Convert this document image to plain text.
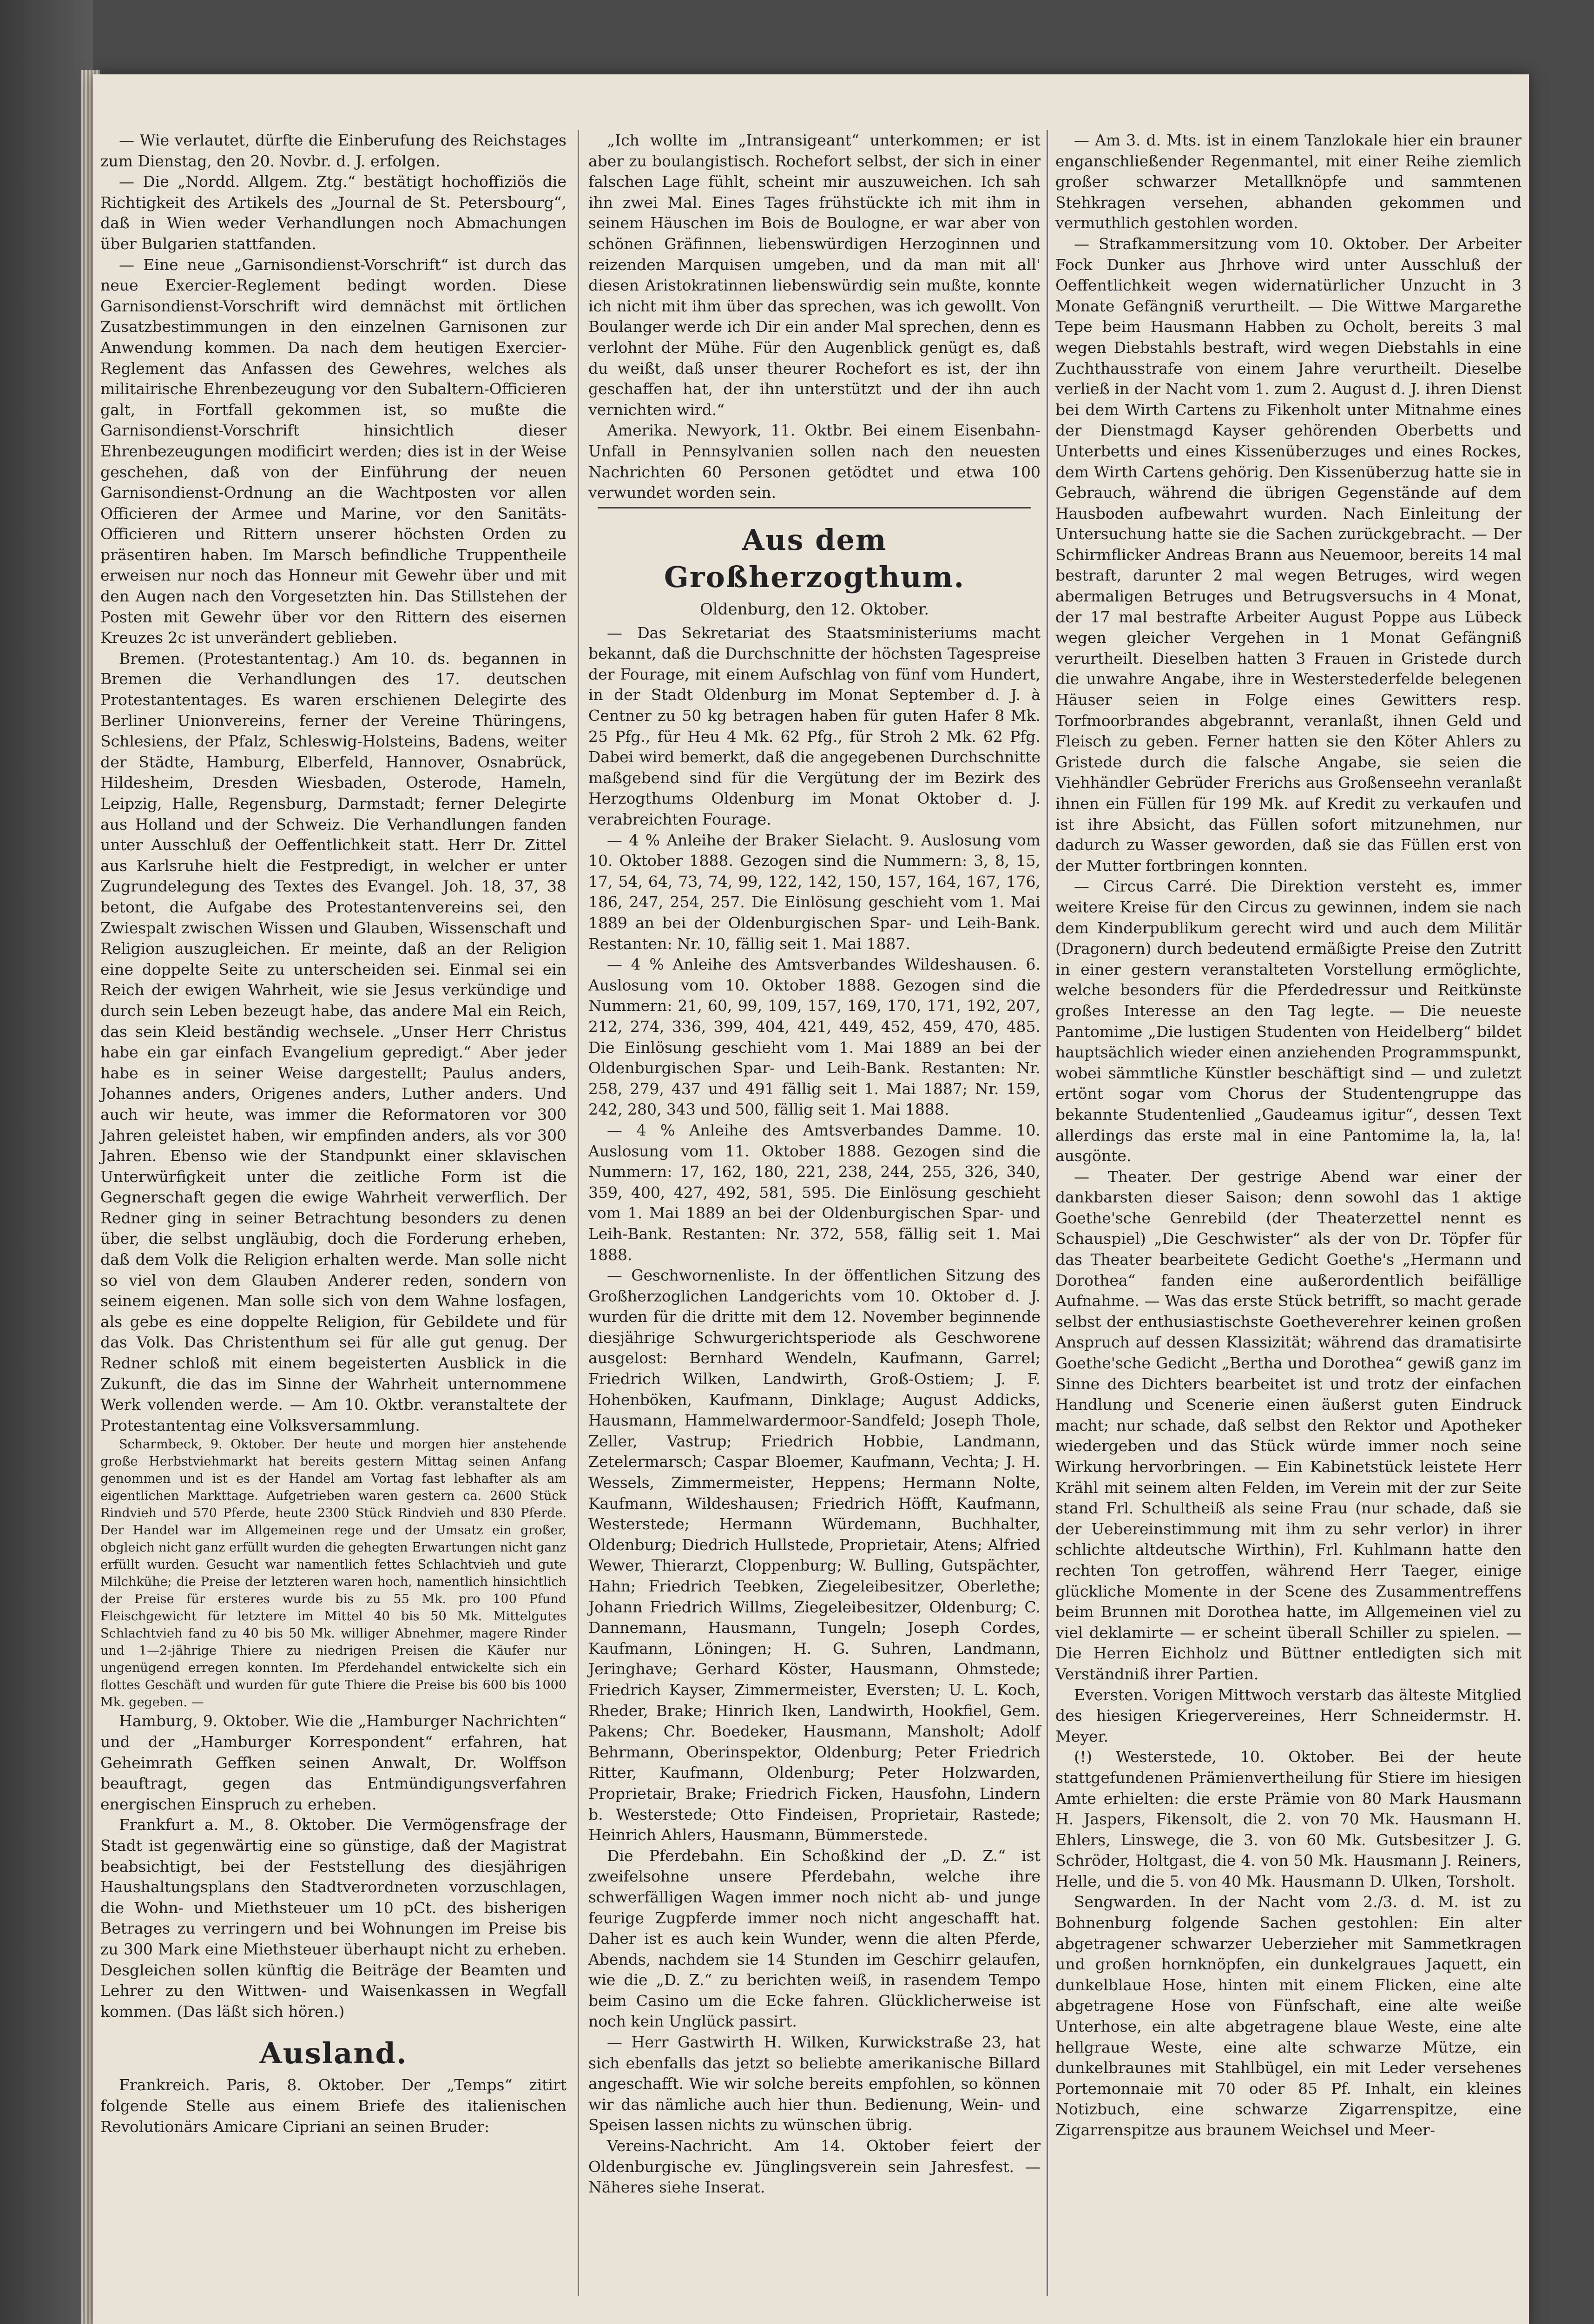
— Wie verlautet, dürfte die Einberufung des Reichstages zum Dienstag, den 20. Novbr. d. J. erfolgen.

— Die „Nordd. Allgem. Ztg.“ bestätigt hochoffiziös die Richtigkeit des Artikels des „Journal de St. Petersbourg“, daß in Wien weder Verhandlungen noch Abmachungen über Bulgarien stattfanden.

— Eine neue „Garnisondienst-Vorschrift“ ist durch das neue Exercier-Reglement bedingt worden. Diese Garnisondienst-Vorschrift wird demnächst mit örtlichen Zusatzbestimmungen in den einzelnen Garnisonen zur Anwendung kommen. Da nach dem heutigen Exercier-Reglement das Anfassen des Gewehres, welches als militairische Ehrenbezeugung vor den Subaltern-Officieren galt, in Fortfall gekommen ist, so mußte die Garnisondienst-Vorschrift hinsichtlich dieser Ehrenbezeugungen modificirt werden; dies ist in der Weise geschehen, daß von der Einführung der neuen Garnisondienst-Ordnung an die Wachtposten vor allen Officieren der Armee und Marine, vor den Sanitäts-Officieren und Rittern unserer höchsten Orden zu präsentiren haben. Im Marsch befindliche Truppentheile erweisen nur noch das Honneur mit Gewehr über und mit den Augen nach den Vorgesetzten hin. Das Stillstehen der Posten mit Gewehr über vor den Rittern des eisernen Kreuzes 2c ist unverändert geblieben.

Bremen. (Protestantentag.) Am 10. ds. begannen in Bremen die Verhandlungen des 17. deutschen Protestantentages. Es waren erschienen Delegirte des Berliner Unionvereins, ferner der Vereine Thüringens, Schlesiens, der Pfalz, Schleswig-Holsteins, Badens, weiter der Städte, Hamburg, Elberfeld, Hannover, Osnabrück, Hildesheim, Dresden Wiesbaden, Osterode, Hameln, Leipzig, Halle, Regensburg, Darmstadt; ferner Delegirte aus Holland und der Schweiz. Die Verhandlungen fanden unter Ausschluß der Oeffentlichkeit statt. Herr Dr. Zittel aus Karlsruhe hielt die Festpredigt, in welcher er unter Zugrundelegung des Textes des Evangel. Joh. 18, 37, 38 betont, die Aufgabe des Protestantenvereins sei, den Zwiespalt zwischen Wissen und Glauben, Wissenschaft und Religion auszugleichen. Er meinte, daß an der Religion eine doppelte Seite zu unterscheiden sei. Einmal sei ein Reich der ewigen Wahrheit, wie sie Jesus verkündige und durch sein Leben bezeugt habe, das andere Mal ein Reich, das sein Kleid beständig wechsele. „Unser Herr Christus habe ein gar einfach Evangelium gepredigt.“ Aber jeder habe es in seiner Weise dargestellt; Paulus anders, Johannes anders, Origenes anders, Luther anders. Und auch wir heute, was immer die Reformatoren vor 300 Jahren geleistet haben, wir empfinden anders, als vor 300 Jahren. Ebenso wie der Standpunkt einer sklavischen Unterwürfigkeit unter die zeitliche Form ist die Gegnerschaft gegen die ewige Wahrheit verwerflich. Der Redner ging in seiner Betrachtung besonders zu denen über, die selbst ungläubig, doch die Forderung erheben, daß dem Volk die Religion erhalten werde. Man solle nicht so viel von dem Glauben Anderer reden, sondern von seinem eigenen. Man solle sich von dem Wahne losfagen, als gebe es eine doppelte Religion, für Gebildete und für das Volk. Das Christenthum sei für alle gut genug. Der Redner schloß mit einem begeisterten Ausblick in die Zukunft, die das im Sinne der Wahrheit unternommene Werk vollenden werde. — Am 10. Oktbr. veranstaltete der Protestantentag eine Volksversammlung.

Scharmbeck, 9. Oktober. Der heute und morgen hier anstehende große Herbstviehmarkt hat bereits gestern Mittag seinen Anfang genommen und ist es der Handel am Vortag fast lebhafter als am eigentlichen Markttage. Aufgetrieben waren gestern ca. 2600 Stück Rindvieh und 570 Pferde, heute 2300 Stück Rindvieh und 830 Pferde. Der Handel war im Allgemeinen rege und der Umsatz ein großer, obgleich nicht ganz erfüllt wurden die gehegten Erwartungen nicht ganz erfüllt wurden. Gesucht war namentlich fettes Schlachtvieh und gute Milchkühe; die Preise der letzteren waren hoch, namentlich hinsichtlich der Preise für ersteres wurde bis zu 55 Mk. pro 100 Pfund Fleischgewicht für letztere im Mittel 40 bis 50 Mk. Mittelgutes Schlachtvieh fand zu 40 bis 50 Mk. williger Abnehmer, magere Rinder und 1—2-jährige Thiere zu niedrigen Preisen die Käufer nur ungenügend erregen konnten. Im Pferdehandel entwickelte sich ein flottes Geschäft und wurden für gute Thiere die Preise bis 600 bis 1000 Mk. gegeben. —

Hamburg, 9. Oktober. Wie die „Hamburger Nachrichten“ und der „Hamburger Korrespondent“ erfahren, hat Geheimrath Geffken seinen Anwalt, Dr. Wolffson beauftragt, gegen das Entmündigungsverfahren energischen Einspruch zu erheben.

Frankfurt a. M., 8. Oktober. Die Vermögensfrage der Stadt ist gegenwärtig eine so günstige, daß der Magistrat beabsichtigt, bei der Feststellung des diesjährigen Haushaltungsplans den Stadtverordneten vorzuschlagen, die Wohn- und Miethsteuer um 10 pCt. des bisherigen Betrages zu verringern und bei Wohnungen im Preise bis zu 300 Mark eine Miethsteuer überhaupt nicht zu erheben. Desgleichen sollen künftig die Beiträge der Beamten und Lehrer zu den Wittwen- und Waisenkassen in Wegfall kommen. (Das läßt sich hören.)

Ausland.

Frankreich. Paris, 8. Oktober. Der „Temps“ zitirt folgende Stelle aus einem Briefe des italienischen Revolutionärs Amicare Cipriani an seinen Bruder:

„Ich wollte im „Intransigeant“ unterkommen; er ist aber zu boulangistisch. Rochefort selbst, der sich in einer falschen Lage fühlt, scheint mir auszuweichen. Ich sah ihn zwei Mal. Eines Tages frühstückte ich mit ihm in seinem Häuschen im Bois de Boulogne, er war aber von schönen Gräfinnen, liebenswürdigen Herzoginnen und reizenden Marquisen umgeben, und da man mit all' diesen Aristokratinnen liebenswürdig sein mußte, konnte ich nicht mit ihm über das sprechen, was ich gewollt. Von Boulanger werde ich Dir ein ander Mal sprechen, denn es verlohnt der Mühe. Für den Augenblick genügt es, daß du weißt, daß unser theurer Rochefort es ist, der ihn geschaffen hat, der ihn unterstützt und der ihn auch vernichten wird.“

Amerika. Newyork, 11. Oktbr. Bei einem Eisenbahn-Unfall in Pennsylvanien sollen nach den neuesten Nachrichten 60 Personen getödtet und etwa 100 verwundet worden sein.

Aus dem Großherzogthum.
Oldenburg, den 12. Oktober.

— Das Sekretariat des Staatsministeriums macht bekannt, daß die Durchschnitte der höchsten Tagespreise der Fourage, mit einem Aufschlag von fünf vom Hundert, in der Stadt Oldenburg im Monat September d. J. à Centner zu 50 kg betragen haben für guten Hafer 8 Mk. 25 Pfg., für Heu 4 Mk. 62 Pfg., für Stroh 2 Mk. 62 Pfg. Dabei wird bemerkt, daß die angegebenen Durchschnitte maßgebend sind für die Vergütung der im Bezirk des Herzogthums Oldenburg im Monat Oktober d. J. verabreichten Fourage.

— 4 % Anleihe der Braker Sielacht. 9. Auslosung vom 10. Oktober 1888. Gezogen sind die Nummern: 3, 8, 15, 17, 54, 64, 73, 74, 99, 122, 142, 150, 157, 164, 167, 176, 186, 247, 254, 257. Die Einlösung geschieht vom 1. Mai 1889 an bei der Oldenburgischen Spar- und Leih-Bank. Restanten: Nr. 10, fällig seit 1. Mai 1887.

— 4 % Anleihe des Amtsverbandes Wildeshausen. 6. Auslosung vom 10. Oktober 1888. Gezogen sind die Nummern: 21, 60, 99, 109, 157, 169, 170, 171, 192, 207, 212, 274, 336, 399, 404, 421, 449, 452, 459, 470, 485. Die Einlösung geschieht vom 1. Mai 1889 an bei der Oldenburgischen Spar- und Leih-Bank. Restanten: Nr. 258, 279, 437 und 491 fällig seit 1. Mai 1887; Nr. 159, 242, 280, 343 und 500, fällig seit 1. Mai 1888.

— 4 % Anleihe des Amtsverbandes Damme. 10. Auslosung vom 11. Oktober 1888. Gezogen sind die Nummern: 17, 162, 180, 221, 238, 244, 255, 326, 340, 359, 400, 427, 492, 581, 595. Die Einlösung geschieht vom 1. Mai 1889 an bei der Oldenburgischen Spar- und Leih-Bank. Restanten: Nr. 372, 558, fällig seit 1. Mai 1888.

— Geschwornenliste. In der öffentlichen Sitzung des Großherzoglichen Landgerichts vom 10. Oktober d. J. wurden für die dritte mit dem 12. November beginnende diesjährige Schwurgerichtsperiode als Geschworene ausgelost: Bernhard Wendeln, Kaufmann, Garrel; Friedrich Wilken, Landwirth, Groß-Ostiem; J. F. Hohenböken, Kaufmann, Dinklage; August Addicks, Hausmann, Hammelwardermoor-Sandfeld; Joseph Thole, Zeller, Vastrup; Friedrich Hobbie, Landmann, Zetelermarsch; Caspar Bloemer, Kaufmann, Vechta; J. H. Wessels, Zimmermeister, Heppens; Hermann Nolte, Kaufmann, Wildeshausen; Friedrich Höfft, Kaufmann, Westerstede; Hermann Würdemann, Buchhalter, Oldenburg; Diedrich Hullstede, Proprietair, Atens; Alfried Wewer, Thierarzt, Cloppenburg; W. Bulling, Gutspächter, Hahn; Friedrich Teebken, Ziegeleibesitzer, Oberlethe; Johann Friedrich Willms, Ziegeleibesitzer, Oldenburg; C. Dannemann, Hausmann, Tungeln; Joseph Cordes, Kaufmann, Löningen; H. G. Suhren, Landmann, Jeringhave; Gerhard Köster, Hausmann, Ohmstede; Friedrich Kayser, Zimmermeister, Eversten; U. L. Koch, Rheder, Brake; Hinrich Iken, Landwirth, Hookfiel, Gem. Pakens; Chr. Boedeker, Hausmann, Mansholt; Adolf Behrmann, Oberinspektor, Oldenburg; Peter Friedrich Ritter, Kaufmann, Oldenburg; Peter Holzwarden, Proprietair, Brake; Friedrich Ficken, Hausfohn, Lindern b. Westerstede; Otto Findeisen, Proprietair, Rastede; Heinrich Ahlers, Hausmann, Bümmerstede.

Die Pferdebahn. Ein Schoßkind der „D. Z.“ ist zweifelsohne unsere Pferdebahn, welche ihre schwerfälligen Wagen immer noch nicht ab- und junge feurige Zugpferde immer noch nicht angeschafft hat. Daher ist es auch kein Wunder, wenn die alten Pferde, Abends, nachdem sie 14 Stunden im Geschirr gelaufen, wie die „D. Z.“ zu berichten weiß, in rasendem Tempo beim Casino um die Ecke fahren. Glücklicherweise ist noch kein Unglück passirt.

— Herr Gastwirth H. Wilken, Kurwickstraße 23, hat sich ebenfalls das jetzt so beliebte amerikanische Billard angeschafft. Wie wir solche bereits empfohlen, so können wir das nämliche auch hier thun. Bedienung, Wein- und Speisen lassen nichts zu wünschen übrig.

Vereins-Nachricht. Am 14. Oktober feiert der Oldenburgische ev. Jünglingsverein sein Jahresfest. — Näheres siehe Inserat.

— Am 3. d. Mts. ist in einem Tanzlokale hier ein brauner enganschließender Regenmantel, mit einer Reihe ziemlich großer schwarzer Metallknöpfe und sammtenen Stehkragen versehen, abhanden gekommen und vermuthlich gestohlen worden.

— Strafkammersitzung vom 10. Oktober. Der Arbeiter Fock Dunker aus Jhrhove wird unter Ausschluß der Oeffentlichkeit wegen widernatürlicher Unzucht in 3 Monate Gefängniß verurtheilt. — Die Wittwe Margarethe Tepe beim Hausmann Habben zu Ocholt, bereits 3 mal wegen Diebstahls bestraft, wird wegen Diebstahls in eine Zuchthausstrafe von einem Jahre verurtheilt. Dieselbe verließ in der Nacht vom 1. zum 2. August d. J. ihren Dienst bei dem Wirth Cartens zu Fikenholt unter Mitnahme eines der Dienstmagd Kayser gehörenden Oberbetts und Unterbetts und eines Kissenüberzuges und eines Rockes, dem Wirth Cartens gehörig. Den Kissenüberzug hatte sie in Gebrauch, während die übrigen Gegenstände auf dem Hausboden aufbewahrt wurden. Nach Einleitung der Untersuchung hatte sie die Sachen zurückgebracht. — Der Schirmflicker Andreas Brann aus Neuemoor, bereits 14 mal bestraft, darunter 2 mal wegen Betruges, wird wegen abermaligen Betruges und Betrugsversuchs in 4 Monat, der 17 mal bestrafte Arbeiter August Poppe aus Lübeck wegen gleicher Vergehen in 1 Monat Gefängniß verurtheilt. Dieselben hatten 3 Frauen in Gristede durch die unwahre Angabe, ihre in Westerstederfelde belegenen Häuser seien in Folge eines Gewitters resp. Torfmoorbrandes abgebrannt, veranlaßt, ihnen Geld und Fleisch zu geben. Ferner hatten sie den Köter Ahlers zu Gristede durch die falsche Angabe, sie seien die Viehhändler Gebrüder Frerichs aus Großenseehn veranlaßt ihnen ein Füllen für 199 Mk. auf Kredit zu verkaufen und ist ihre Absicht, das Füllen sofort mitzunehmen, nur dadurch zu Wasser geworden, daß sie das Füllen erst von der Mutter fortbringen konnten.

— Circus Carré. Die Direktion versteht es, immer weitere Kreise für den Circus zu gewinnen, indem sie nach dem Kinderpublikum gerecht wird und auch dem Militär (Dragonern) durch bedeutend ermäßigte Preise den Zutritt in einer gestern veranstalteten Vorstellung ermöglichte, welche besonders für die Pferdedressur und Reitkünste großes Interesse an den Tag legte. — Die neueste Pantomime „Die lustigen Studenten von Heidelberg“ bildet hauptsächlich wieder einen anziehenden Programmspunkt, wobei sämmtliche Künstler beschäftigt sind — und zuletzt ertönt sogar vom Chorus der Studentengruppe das bekannte Studentenlied „Gaudeamus igitur“, dessen Text allerdings das erste mal in eine Pantomime la, la, la! ausgönte.

— Theater. Der gestrige Abend war einer der dankbarsten dieser Saison; denn sowohl das 1 aktige Goethe'sche Genrebild (der Theaterzettel nennt es Schauspiel) „Die Geschwister“ als der von Dr. Töpfer für das Theater bearbeitete Gedicht Goethe's „Hermann und Dorothea“ fanden eine außerordentlich beifällige Aufnahme. — Was das erste Stück betrifft, so macht gerade selbst der enthusiastischste Goetheverehrer keinen großen Anspruch auf dessen Klassizität; während das dramatisirte Goethe'sche Gedicht „Bertha und Dorothea“ gewiß ganz im Sinne des Dichters bearbeitet ist und trotz der einfachen Handlung und Scenerie einen äußerst guten Eindruck macht; nur schade, daß selbst den Rektor und Apotheker wiedergeben und das Stück würde immer noch seine Wirkung hervorbringen. — Ein Kabinetstück leistete Herr Krähl mit seinem alten Felden, im Verein mit der zur Seite stand Frl. Schultheiß als seine Frau (nur schade, daß sie der Uebereinstimmung mit ihm zu sehr verlor) in ihrer schlichte altdeutsche Wirthin), Frl. Kuhlmann hatte den rechten Ton getroffen, während Herr Taeger, einige glückliche Momente in der Scene des Zusammentreffens beim Brunnen mit Dorothea hatte, im Allgemeinen viel zu viel deklamirte — er scheint überall Schiller zu spielen. — Die Herren Eichholz und Büttner entledigten sich mit Verständniß ihrer Partien.

Eversten. Vorigen Mittwoch verstarb das älteste Mitglied des hiesigen Kriegervereines, Herr Schneidermstr. H. Meyer.

(!) Westerstede, 10. Oktober. Bei der heute stattgefundenen Prämienvertheilung für Stiere im hiesigen Amte erhielten: die erste Prämie von 80 Mark Hausmann H. Jaspers, Fikensolt, die 2. von 70 Mk. Hausmann H. Ehlers, Linswege, die 3. von 60 Mk. Gutsbesitzer J. G. Schröder, Holtgast, die 4. von 50 Mk. Hausmann J. Reiners, Helle, und die 5. von 40 Mk. Hausmann D. Ulken, Torsholt.

Sengwarden. In der Nacht vom 2./3. d. M. ist zu Bohnenburg folgende Sachen gestohlen: Ein alter abgetragener schwarzer Ueberzieher mit Sammetkragen und großen hornknöpfen, ein dunkelgraues Jaquett, ein dunkelblaue Hose, hinten mit einem Flicken, eine alte abgetragene Hose von Fünfschaft, eine alte weiße Unterhose, ein alte abgetragene blaue Weste, eine alte hellgraue Weste, eine alte schwarze Mütze, ein dunkelbraunes mit Stahlbügel, ein mit Leder versehenes Portemonnaie mit 70 oder 85 Pf. Inhalt, ein kleines Notizbuch, eine schwarze Zigarrenspitze, eine Zigarrenspitze aus braunem Weichsel und Meer-
